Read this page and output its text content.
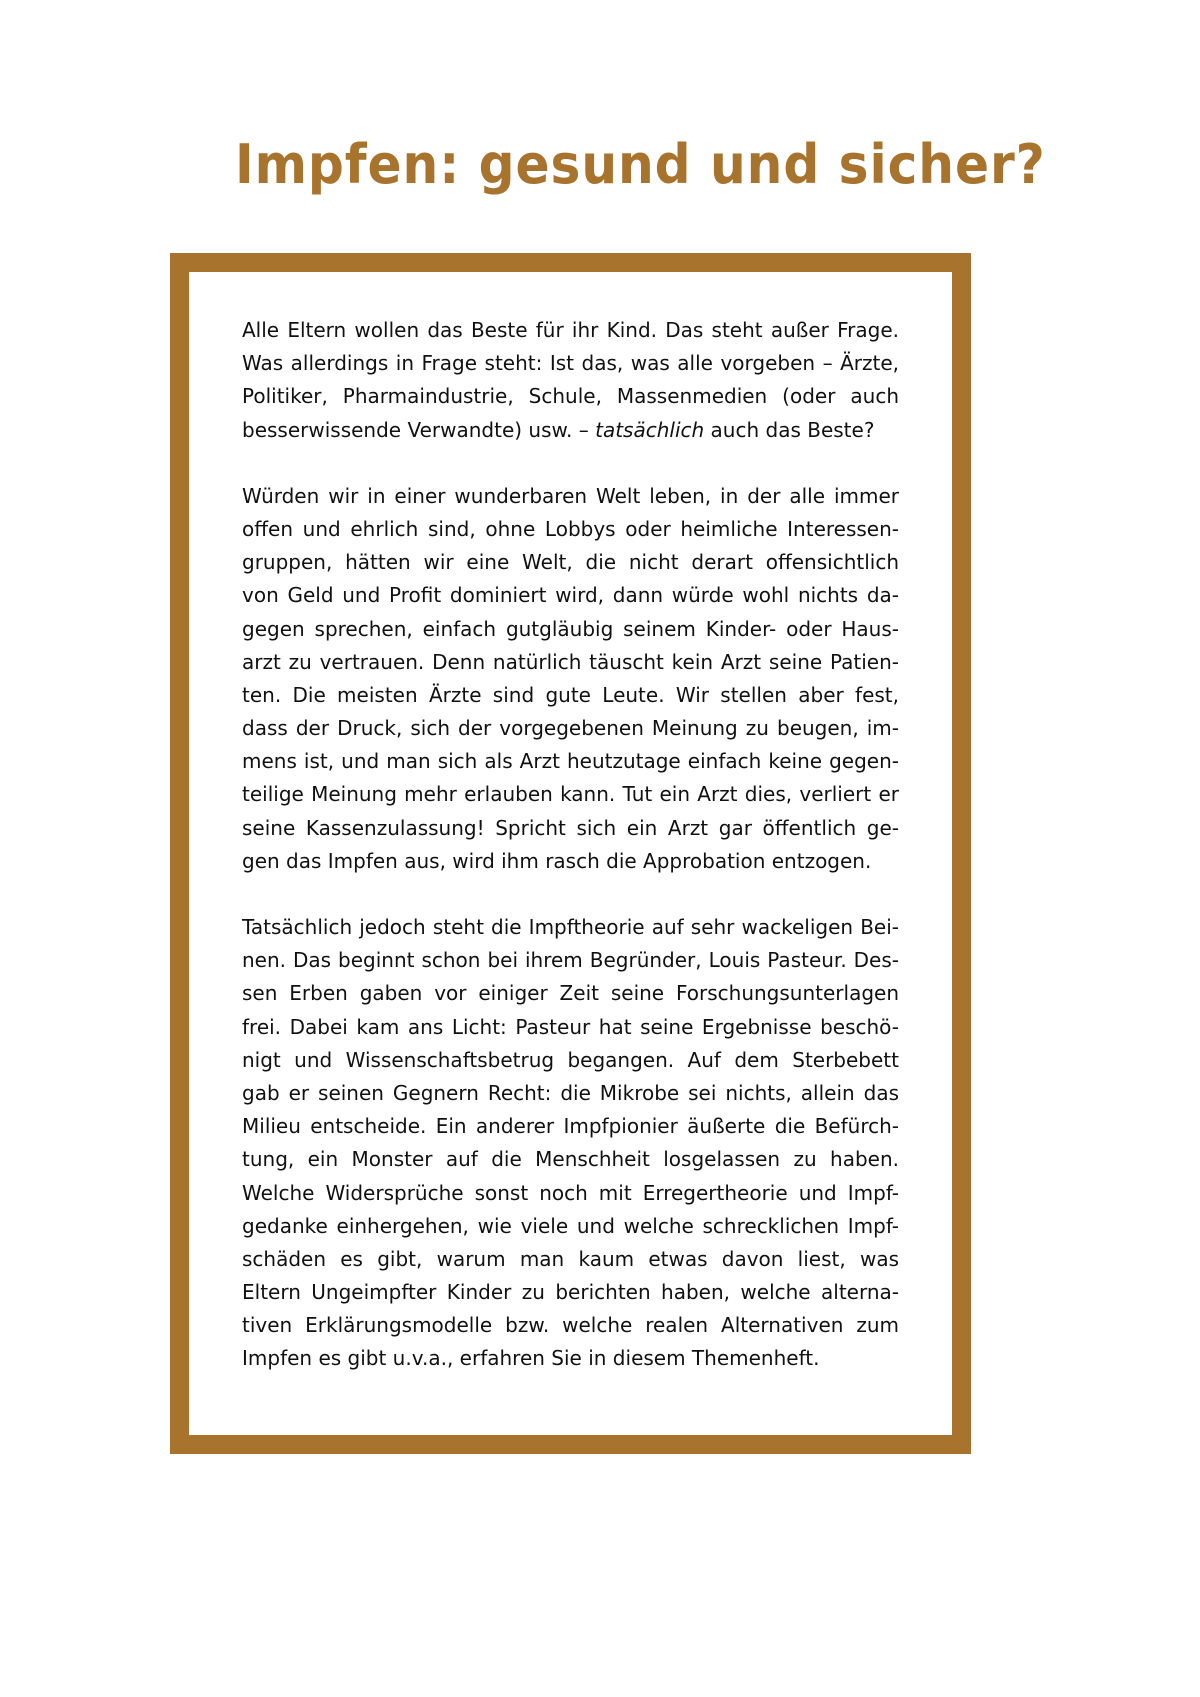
Impfen: gesund und sicher?

Alle Eltern wollen das Beste für ihr Kind. Das steht außer Frage.
Was allerdings in Frage steht: Ist das, was alle vorgeben – Ärzte,
Politiker, Pharmaindustrie, Schule, Massenmedien (oder auch
besserwissende Verwandte) usw. – tatsächlich auch das Beste?

Würden wir in einer wunderbaren Welt leben, in der alle immer
offen und ehrlich sind, ohne Lobbys oder heimliche Interessen-
gruppen, hätten wir eine Welt, die nicht derart offensichtlich
von Geld und Profit dominiert wird, dann würde wohl nichts da-
gegen sprechen, einfach gutgläubig seinem Kinder- oder Haus-
arzt zu vertrauen. Denn natürlich täuscht kein Arzt seine Patien-
ten. Die meisten Ärzte sind gute Leute. Wir stellen aber fest,
dass der Druck, sich der vorgegebenen Meinung zu beugen, im-
mens ist, und man sich als Arzt heutzutage einfach keine gegen-
teilige Meinung mehr erlauben kann. Tut ein Arzt dies, verliert er
seine Kassenzulassung! Spricht sich ein Arzt gar öffentlich ge-
gen das Impfen aus, wird ihm rasch die Approbation entzogen.

Tatsächlich jedoch steht die Impftheorie auf sehr wackeligen Bei-
nen. Das beginnt schon bei ihrem Begründer, Louis Pasteur. Des-
sen Erben gaben vor einiger Zeit seine Forschungsunterlagen
frei. Dabei kam ans Licht: Pasteur hat seine Ergebnisse beschö-
nigt und Wissenschaftsbetrug begangen. Auf dem Sterbebett
gab er seinen Gegnern Recht: die Mikrobe sei nichts, allein das
Milieu entscheide. Ein anderer Impfpionier äußerte die Befürch-
tung, ein Monster auf die Menschheit losgelassen zu haben.
Welche Widersprüche sonst noch mit Erregertheorie und Impf-
gedanke einhergehen, wie viele und welche schrecklichen Impf-
schäden es gibt, warum man kaum etwas davon liest, was
Eltern Ungeimpfter Kinder zu berichten haben, welche alterna-
tiven Erklärungsmodelle bzw. welche realen Alternativen zum
Impfen es gibt u.v.a., erfahren Sie in diesem Themenheft.
